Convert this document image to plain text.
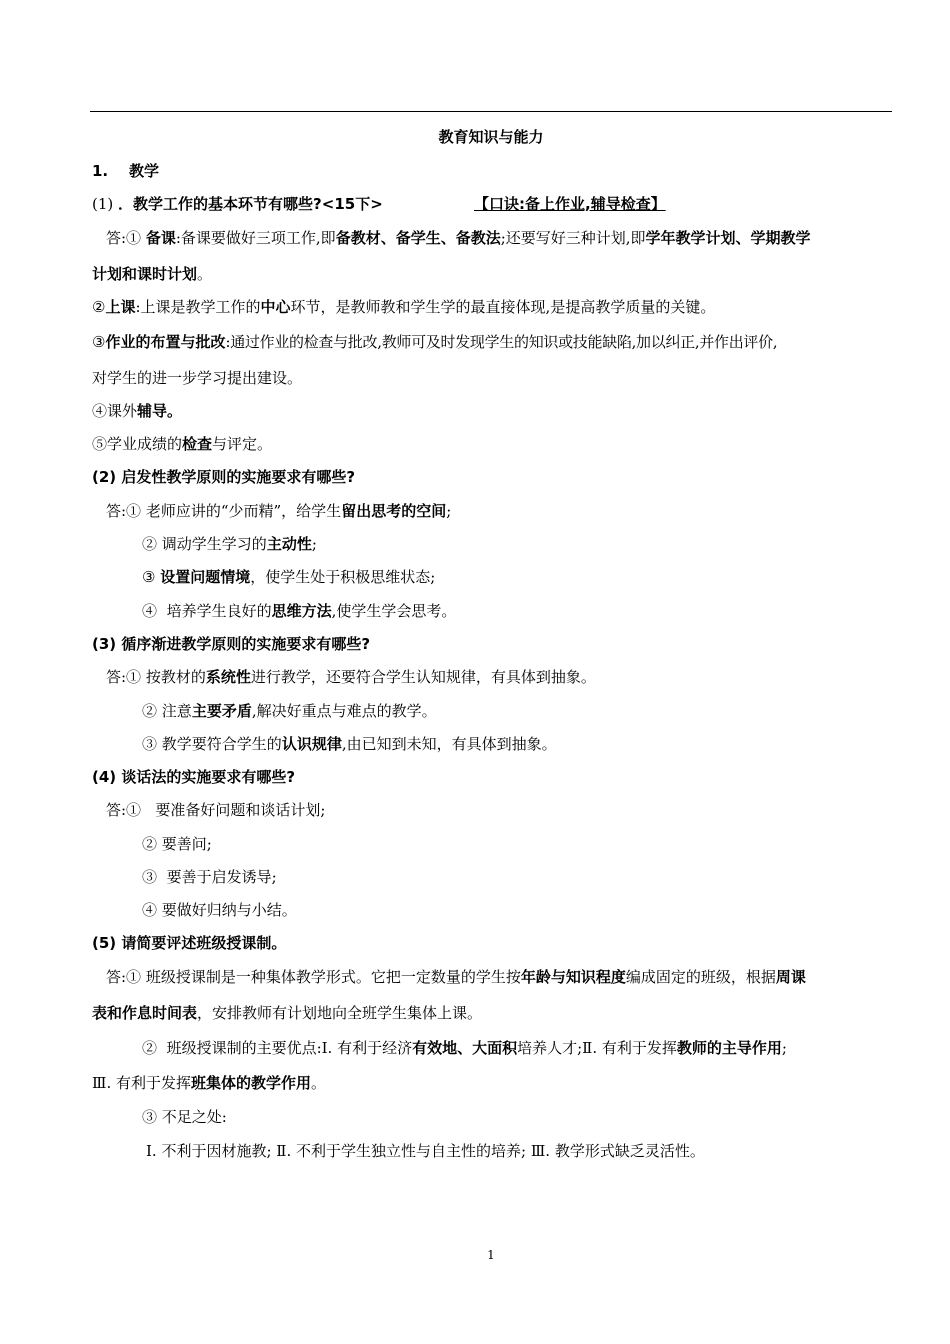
教育知识与能力
1. 教学
(1) ．教学工作的基本环节有哪些?<15下>	【口诀:备上作业,辅导检查】
答:① 备课:备课要做好三项工作,即备教材、备学生、备教法;还要写好三种计划,即学年教学计划、学期教学
计划和课时计划。
②上课:上课是教学工作的中心环节，是教师教和学生学的最直接体现,是提高教学质量的关键。
③作业的布置与批改:通过作业的检查与批改,教师可及时发现学生的知识或技能缺陷,加以纠正,并作出评价,
对学生的进一步学习提出建设。
④课外辅导。
⑤学业成绩的检查与评定。
(2) 启发性教学原则的实施要求有哪些?
答:① 老师应讲的“少而精”，给学生留出思考的空间;
② 调动学生学习的主动性;
③ 设置问题情境，使学生处于积极思维状态;
④ 培养学生良好的思维方法,使学生学会思考。
(3) 循序渐进教学原则的实施要求有哪些?
答:① 按教材的系统性进行教学，还要符合学生认知规律，有具体到抽象。
② 注意主要矛盾,解决好重点与难点的教学。
③ 教学要符合学生的认识规律,由已知到未知，有具体到抽象。
(4) 谈话法的实施要求有哪些?
答:① 要准备好问题和谈话计划;
② 要善问;
③ 要善于启发诱导;
④ 要做好归纳与小结。
(5) 请简要评述班级授课制。
答:① 班级授课制是一种集体教学形式。它把一定数量的学生按年龄与知识程度编成固定的班级，根据周课
表和作息时间表，安排教师有计划地向全班学生集体上课。
② 班级授课制的主要优点:Ⅰ. 有利于经济有效地、大面积培养人才;Ⅱ. 有利于发挥教师的主导作用;
Ⅲ. 有利于发挥班集体的教学作用。
③ 不足之处:
Ⅰ. 不利于因材施教; Ⅱ. 不利于学生独立性与自主性的培养; Ⅲ. 教学形式缺乏灵活性。
1
